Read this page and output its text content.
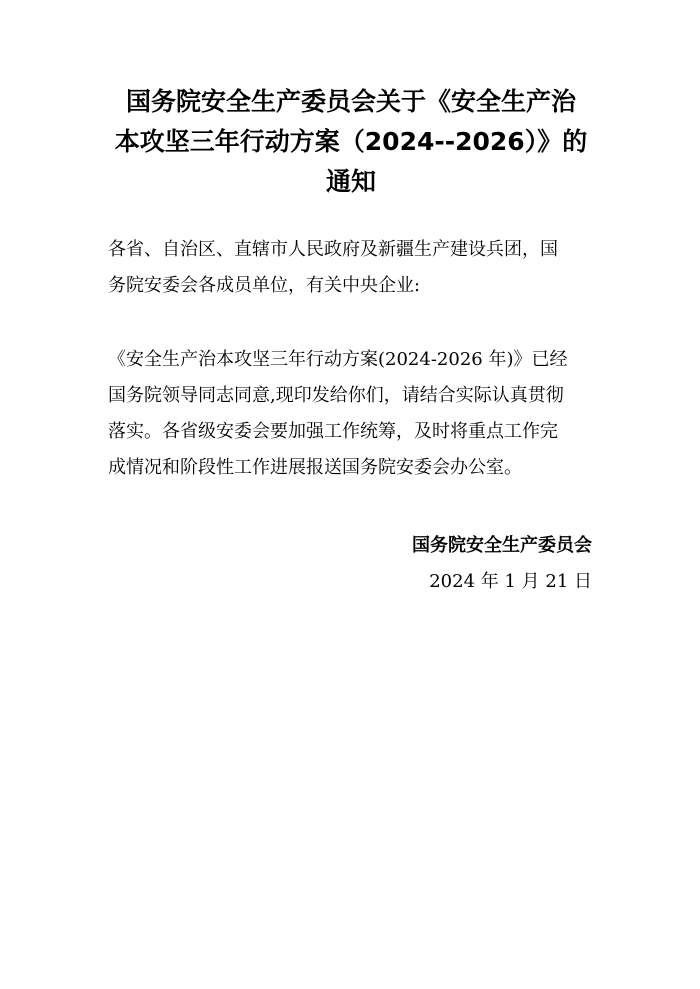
国务院安全生产委员会关于《安全生产治
本攻坚三年行动方案（2024--2026）》的
通知

各省、自治区、直辖市人民政府及新疆生产建设兵团，国
务院安委会各成员单位，有关中央企业:

《安全生产治本攻坚三年行动方案(2024-2026 年)》已经
国务院领导同志同意,现印发给你们，请结合实际认真贯彻
落实。各省级安委会要加强工作统筹，及时将重点工作完
成情况和阶段性工作进展报送国务院安委会办公室。

国务院安全生产委员会
2024 年 1 月 21 日
